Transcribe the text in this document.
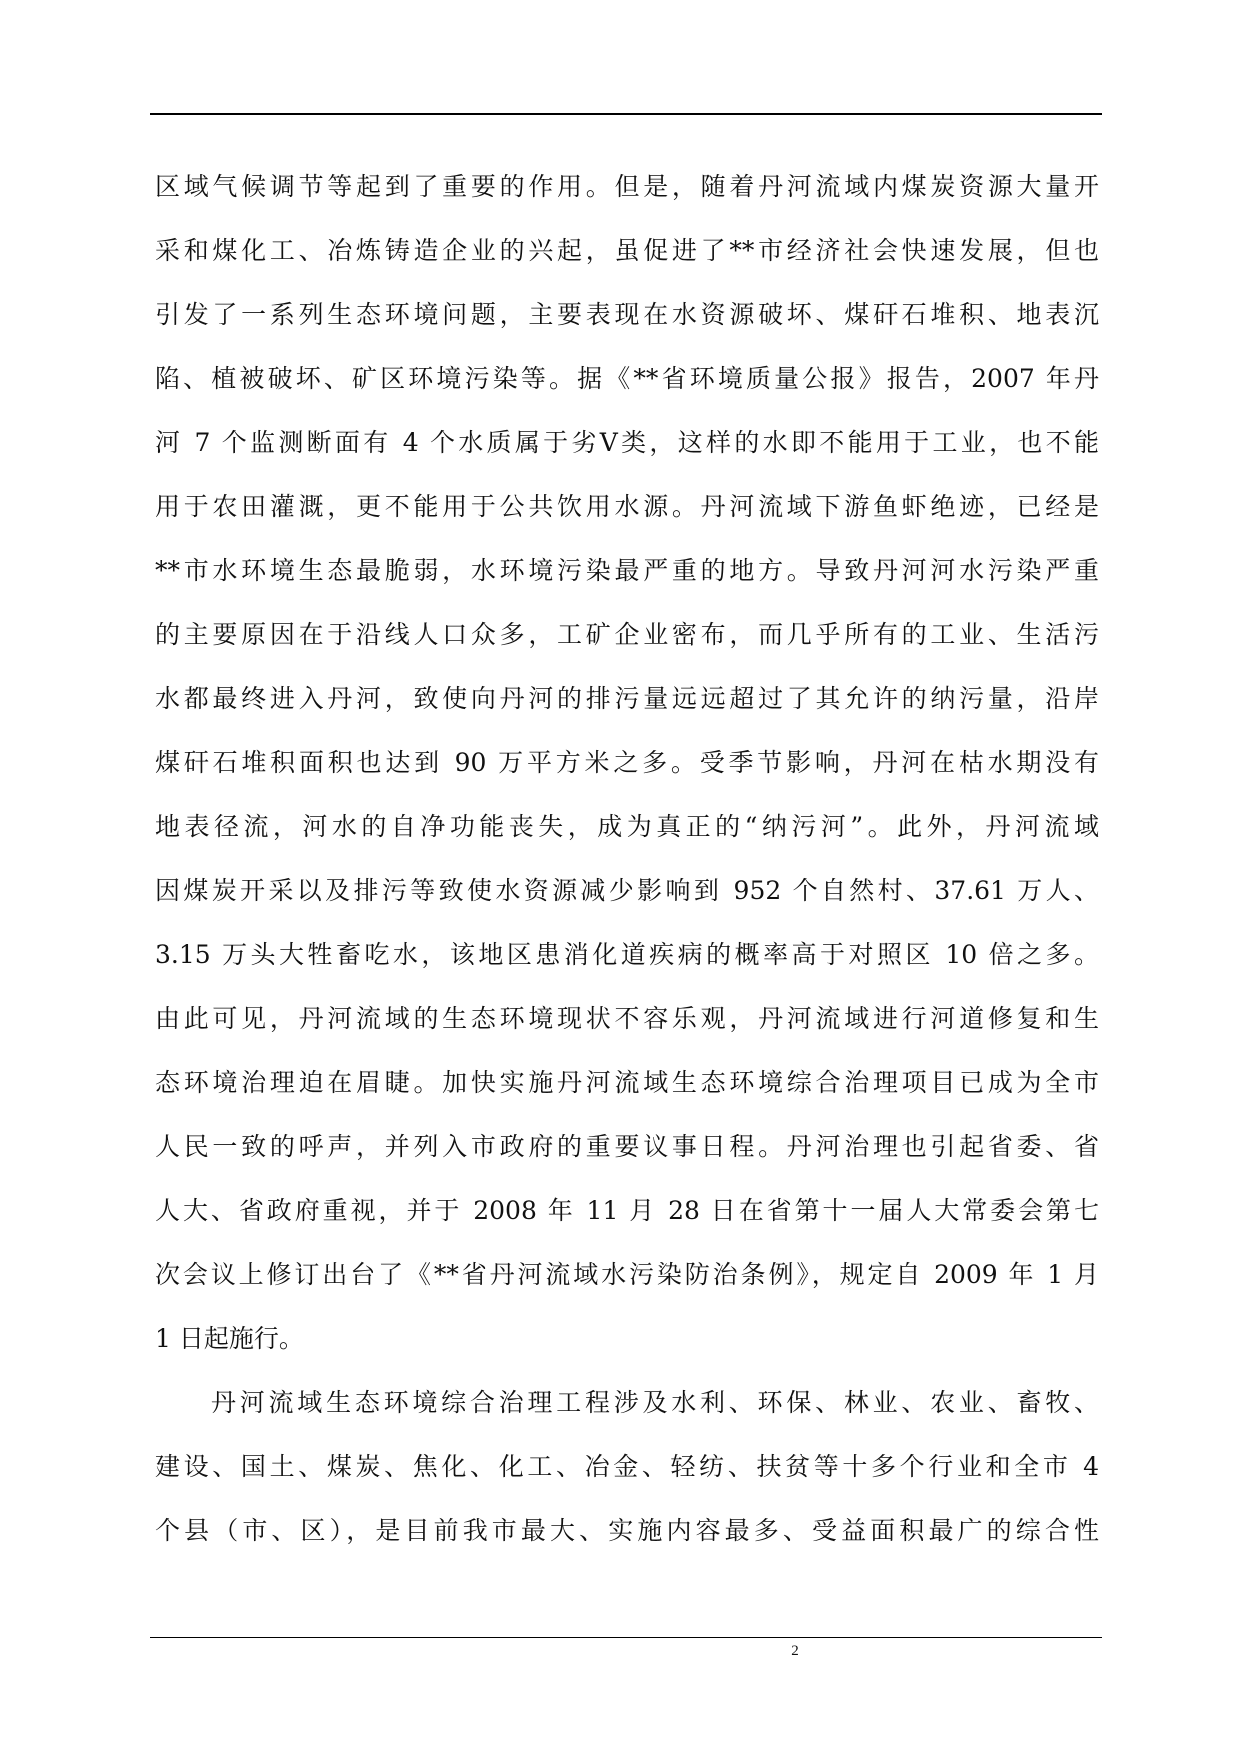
区域气候调节等起到了重要的作用。但是，随着丹河流域内煤炭资源大量开
采和煤化工、冶炼铸造企业的兴起，虽促进了**市经济社会快速发展，但也
引发了一系列生态环境问题，主要表现在水资源破坏、煤矸石堆积、地表沉
陷、植被破坏、矿区环境污染等。据《**省环境质量公报》报告，2007 年丹
河 7 个监测断面有 4 个水质属于劣Ⅴ类，这样的水即不能用于工业，也不能
用于农田灌溉，更不能用于公共饮用水源。丹河流域下游鱼虾绝迹，已经是
**市水环境生态最脆弱，水环境污染最严重的地方。导致丹河河水污染严重
的主要原因在于沿线人口众多，工矿企业密布，而几乎所有的工业、生活污
水都最终进入丹河，致使向丹河的排污量远远超过了其允许的纳污量，沿岸
煤矸石堆积面积也达到 90 万平方米之多。受季节影响，丹河在枯水期没有
地表径流，河水的自净功能丧失，成为真正的“纳污河”。此外，丹河流域
因煤炭开采以及排污等致使水资源减少影响到 952 个自然村、37.61 万人、
3.15 万头大牲畜吃水，该地区患消化道疾病的概率高于对照区 10 倍之多。
由此可见，丹河流域的生态环境现状不容乐观，丹河流域进行河道修复和生
态环境治理迫在眉睫。加快实施丹河流域生态环境综合治理项目已成为全市
人民一致的呼声，并列入市政府的重要议事日程。丹河治理也引起省委、省
人大、省政府重视，并于 2008 年 11 月 28 日在省第十一届人大常委会第七
次会议上修订出台了《**省丹河流域水污染防治条例》，规定自 2009 年 1 月
1 日起施行。
丹河流域生态环境综合治理工程涉及水利、环保、林业、农业、畜牧、
建设、国土、煤炭、焦化、化工、冶金、轻纺、扶贫等十多个行业和全市 4
个县（市、区），是目前我市最大、实施内容最多、受益面积最广的综合性
2
